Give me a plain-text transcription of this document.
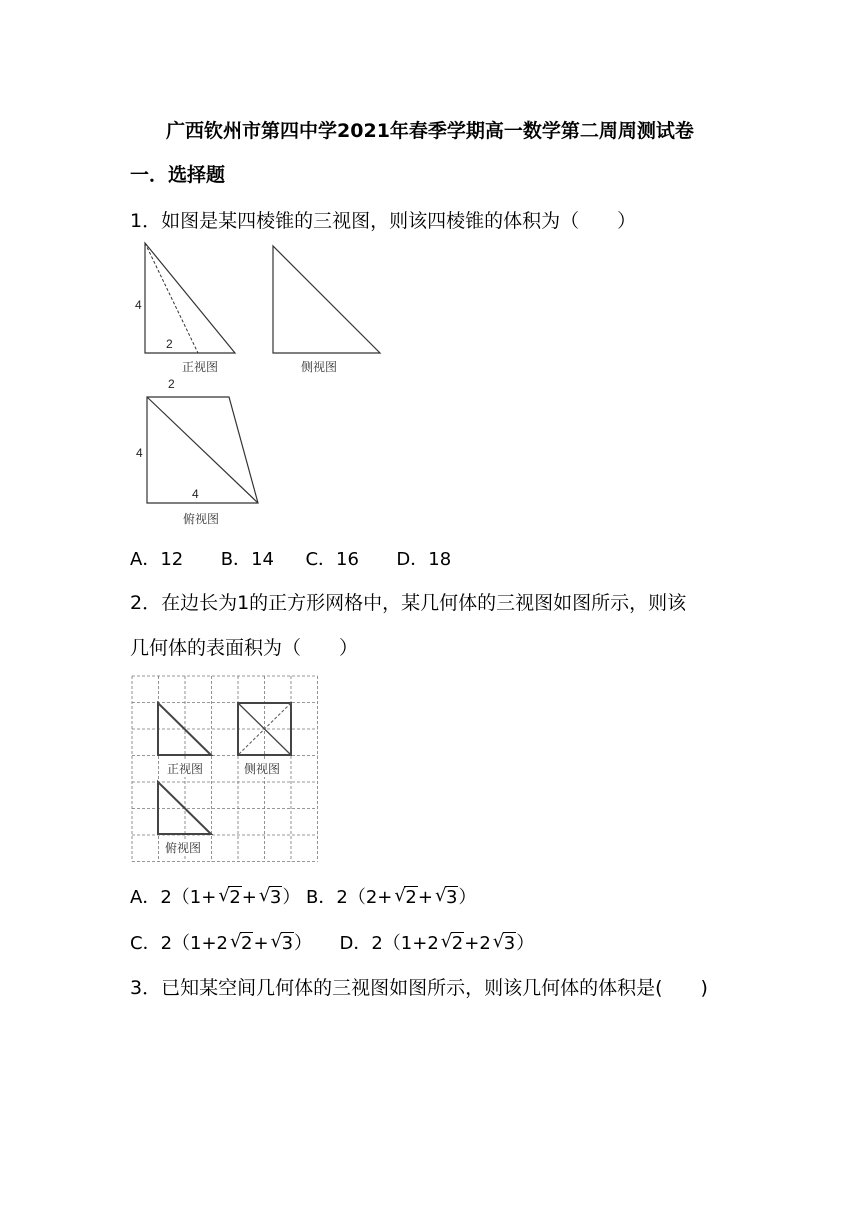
广西钦州市第四中学2021年春季学期高一数学第二周周测试卷
一．选择题
1．如图是某四棱锥的三视图，则该四棱锥的体积为（　　）
4
2
正视图	侧视图
2
4
4
俯视图
A．12 B．14 C．16 D．18
2．在边长为1的正方形网格中，某几何体的三视图如图所示，则该
几何体的表面积为（　　）
正视图	侧视图
俯视图
A．2（1+ √ 2+ √ 3） B．2（2+ √ 2+ √ 3）
C．2（1+2 √ 2+ √ 3） D．2（1+2 √ 2+2 √ 3）
3．已知某空间几何体的三视图如图所示，则该几何体的体积是(　　)
